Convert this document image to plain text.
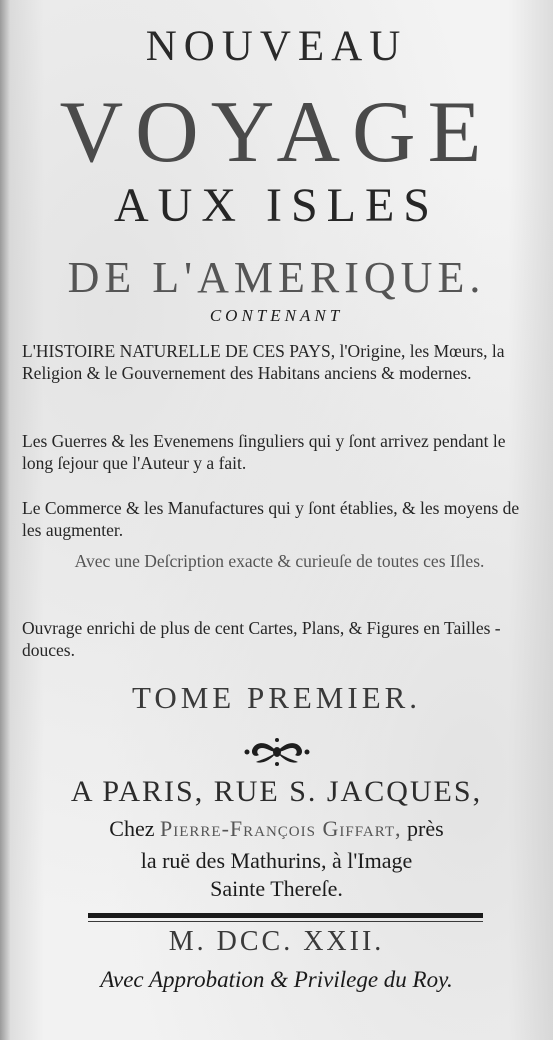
NOUVEAU
VOYAGE
AUX ISLES
DE L'AMERIQUE.
CONTENANT
L'HISTOIRE NATURELLE DE CES PAYS, l'Origine, les Mœurs, la Religion & le Gouvernement des Habitans anciens & modernes.
Les Guerres & les Evenemens ſinguliers qui y ſont arrivez pendant le long ſejour que l'Auteur y a fait.
Le Commerce & les Manufactures qui y ſont établies, & les moyens de les augmenter.
Avec une Deſcription exacte & curieuſe de toutes ces Iſles.
Ouvrage enrichi de plus de cent Cartes, Plans, & Figures en Tailles - douces.
TOME PREMIER.
A PARIS, RUE S. JACQUES,
Chez Pierre-François Giffart, près
la ruë des Mathurins, à l'Image
Sainte Thereſe.
M. DCC. XXII.
Avec Approbation & Privilege du Roy.
